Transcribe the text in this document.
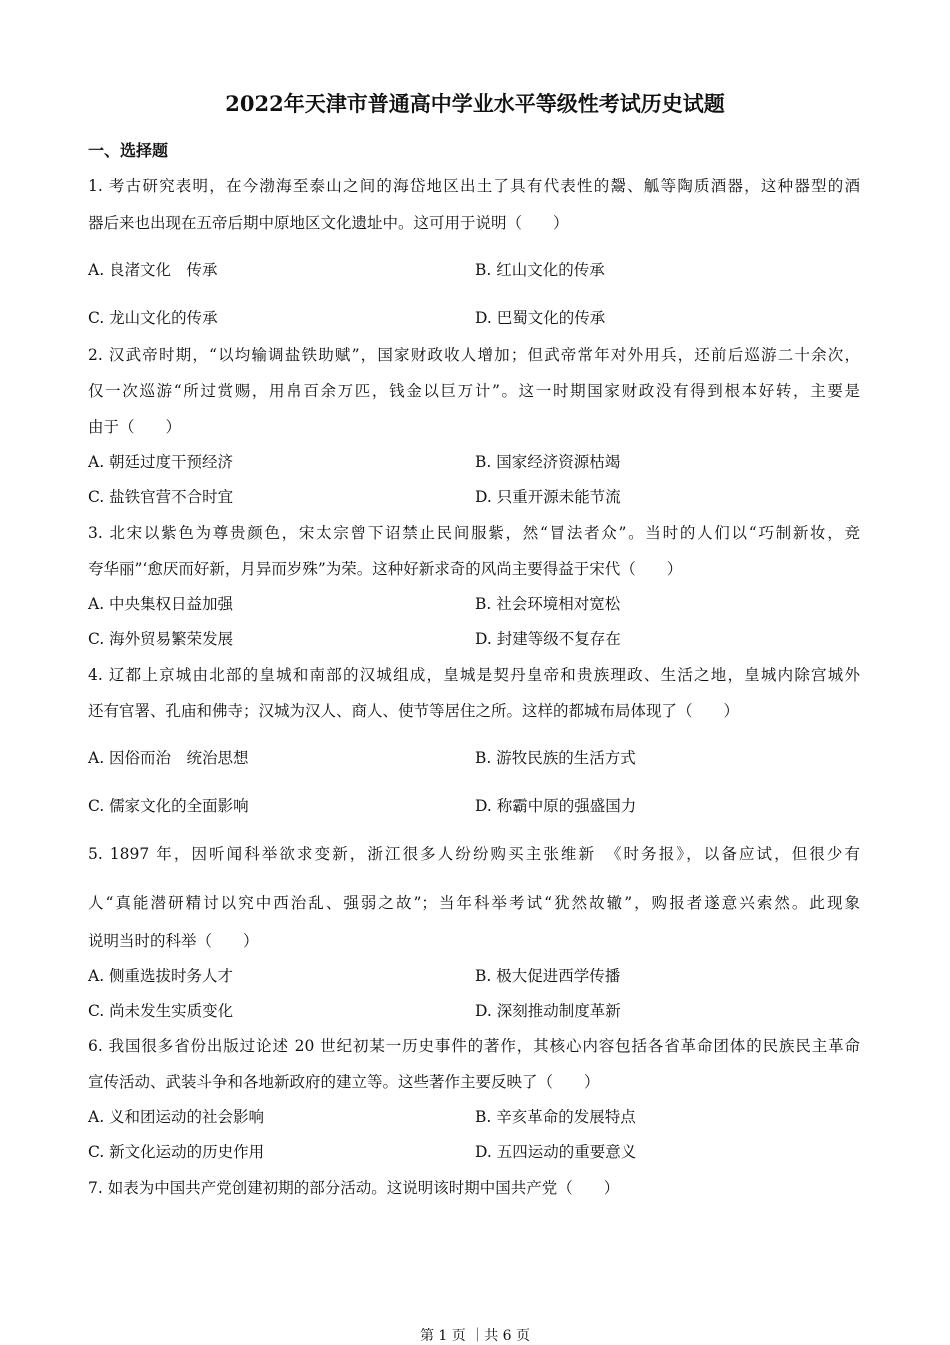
2022年天津市普通高中学业水平等级性考试历史试题
一、选择题
1. 考古研究表明，在今渤海至泰山之间的海岱地区出土了具有代表性的鬶、觚等陶质酒器，这种器型的酒
器后来也出现在五帝后期中原地区文化遗址中。这可用于说明（　　）
A. 良渚文化　传承	B. 红山文化的传承
C. 龙山文化的传承	D. 巴蜀文化的传承
2. 汉武帝时期，“以均输调盐铁助赋”，国家财政收人增加；但武帝常年对外用兵，还前后巡游二十余次，
仅一次巡游“所过赏赐，用帛百余万匹，钱金以巨万计”。这一时期国家财政没有得到根本好转，主要是
由于（　　）
A. 朝廷过度干预经济	B. 国家经济资源枯竭
C. 盐铁官营不合时宜	D. 只重开源未能节流
3. 北宋以紫色为尊贵颜色，宋太宗曾下诏禁止民间服紫，然“冒法者众”。当时的人们以“巧制新妆，竞
夸华丽”‘愈厌而好新，月异而岁殊”为荣。这种好新求奇的风尚主要得益于宋代（　　）
A. 中央集权日益加强	B. 社会环境相对宽松
C. 海外贸易繁荣发展	D. 封建等级不复存在
4. 辽都上京城由北部的皇城和南部的汉城组成，皇城是契丹皇帝和贵族理政、生活之地，皇城内除宫城外
还有官署、孔庙和佛寺；汉城为汉人、商人、使节等居住之所。这样的都城布局体现了（　　）
A. 因俗而治　统治思想	B. 游牧民族的生活方式
C. 儒家文化的全面影响	D. 称霸中原的强盛国力
5. 1897 年，因听闻科举欲求变新，浙江很多人纷纷购买主张维新　《时务报》，以备应试，但很少有
人“真能潜研精讨以究中西治乱、强弱之故”；当年科举考试“犹然故辙”，购报者遂意兴索然。此现象
说明当时的科举（　　）
A. 侧重选拔时务人才	B. 极大促进西学传播
C. 尚未发生实质变化	D. 深刻推动制度革新
6. 我国很多省份出版过论述 20 世纪初某一历史事件的著作，其核心内容包括各省革命团体的民族民主革命
宣传活动、武装斗争和各地新政府的建立等。这些著作主要反映了（　　）
A. 义和团运动的社会影响	B. 辛亥革命的发展特点
C. 新文化运动的历史作用	D. 五四运动的重要意义
7. 如表为中国共产党创建初期的部分活动。这说明该时期中国共产党（　　）
第 1 页 ｜共 6 页
